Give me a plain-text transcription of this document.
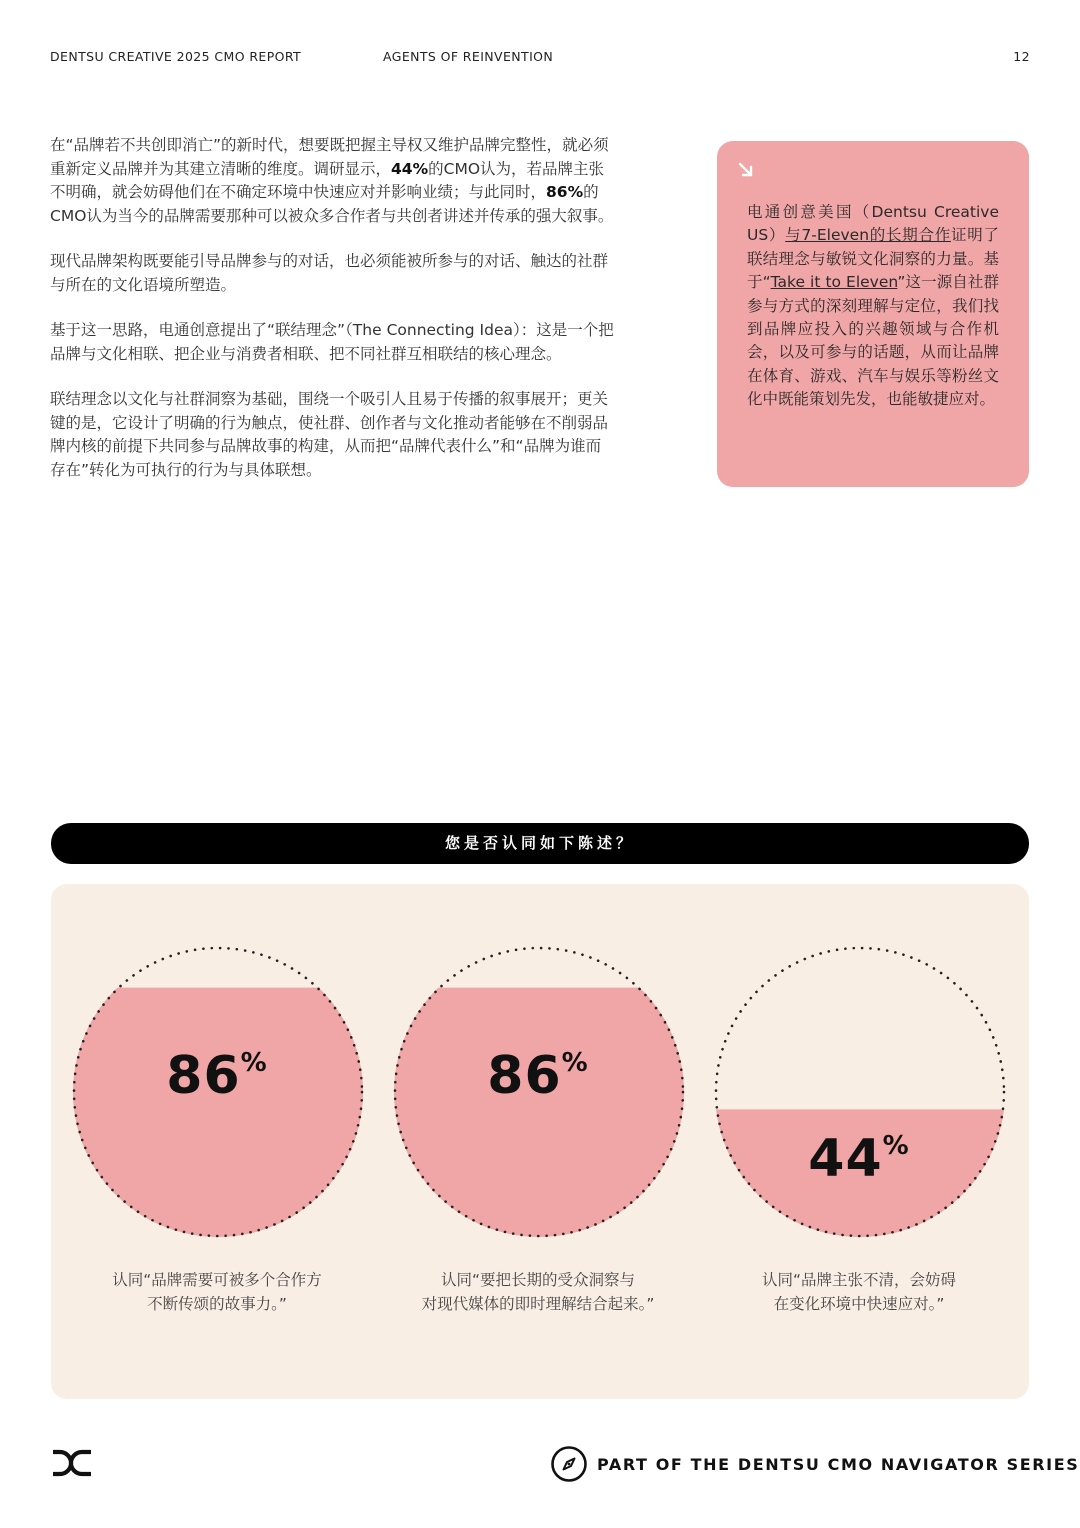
DENTSU CREATIVE 2025 CMO REPORT	AGENTS OF REINVENTION	12

在“品牌若不共创即消亡”的新时代，想要既把握主导权又维护品牌完整性，就必须重新定义品牌并为其建立清晰的维度。调研显示，44%的CMO认为，若品牌主张不明确，就会妨碍他们在不确定环境中快速应对并影响业绩；与此同时，86%的CMO认为当今的品牌需要那种可以被众多合作者与共创者讲述并传承的强大叙事。

现代品牌架构既要能引导品牌参与的对话，也必须能被所参与的对话、触达的社群与所在的文化语境所塑造。

基于这一思路，电通创意提出了“联结理念”（The Connecting Idea）：这是一个把品牌与文化相联、把企业与消费者相联、把不同社群互相联结的核心理念。

联结理念以文化与社群洞察为基础，围绕一个吸引人且易于传播的叙事展开；更关键的是，它设计了明确的行为触点，使社群、创作者与文化推动者能够在不削弱品牌内核的前提下共同参与品牌故事的构建，从而把“品牌代表什么”和“品牌为谁而存在”转化为可执行的行为与具体联想。

电通创意美国（Dentsu Creative US）与7-Eleven的长期合作证明了联结理念与敏锐文化洞察的力量。基于“Take it to Eleven”这一源自社群参与方式的深刻理解与定位，我们找到品牌应投入的兴趣领域与合作机会，以及可参与的话题，从而让品牌在体育、游戏、汽车与娱乐等粉丝文化中既能策划先发，也能敏捷应对。
您是否认同如下陈述？
86%
认同“品牌需要可被多个合作方
不断传颂的故事力。”
86%
认同“要把长期的受众洞察与
对现代媒体的即时理解结合起来。”
44%
认同“品牌主张不清，会妨碍
在变化环境中快速应对。”
PART OF THE DENTSU CMO NAVIGATOR SERIES
